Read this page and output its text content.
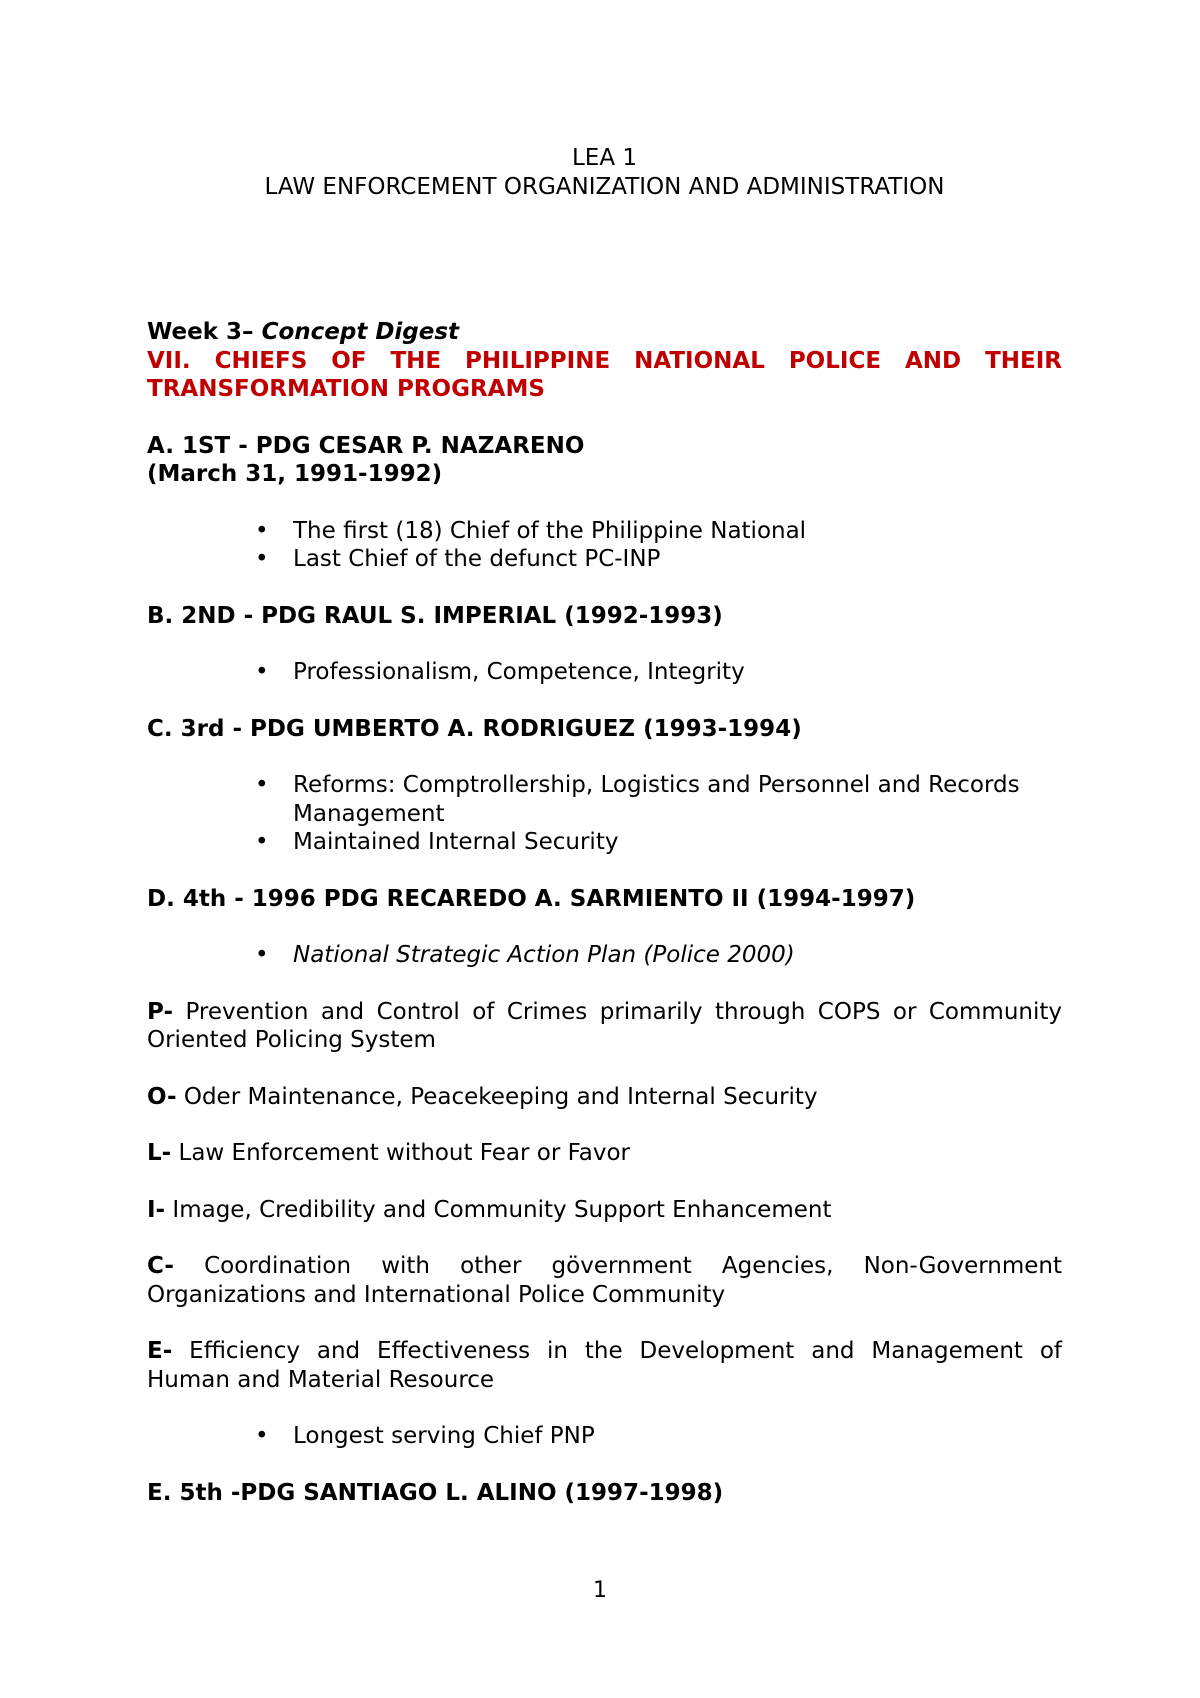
LEA 1
LAW ENFORCEMENT ORGANIZATION AND ADMINISTRATION
Week 3– Concept Digest
VII. CHIEFS OF THE PHILIPPINE NATIONAL POLICE AND THEIR
TRANSFORMATION PROGRAMS
A. 1ST - PDG CESAR P. NAZARENO
(March 31, 1991-1992)
• The first (18) Chief of the Philippine National
• Last Chief of the defunct PC-INP
B. 2ND - PDG RAUL S. IMPERIAL (1992-1993)
• Professionalism, Competence, Integrity
C. 3rd - PDG UMBERTO A. RODRIGUEZ (1993-1994)
• Reforms: Comptrollership, Logistics and Personnel and Records Management
• Maintained Internal Security
D. 4th - 1996 PDG RECAREDO A. SARMIENTO II (1994-1997)
• National Strategic Action Plan (Police 2000)
P- Prevention and Control of Crimes primarily through COPS or Community
Oriented Policing System
O- Oder Maintenance, Peacekeeping and Internal Security
L- Law Enforcement without Fear or Favor
I- Image, Credibility and Community Support Enhancement
C- Coordination with other gövernment Agencies, Non-Government
Organizations and International Police Community
E- Efficiency and Effectiveness in the Development and Management of
Human and Material Resource
• Longest serving Chief PNP
E. 5th -PDG SANTIAGO L. ALINO (1997-1998)
1
